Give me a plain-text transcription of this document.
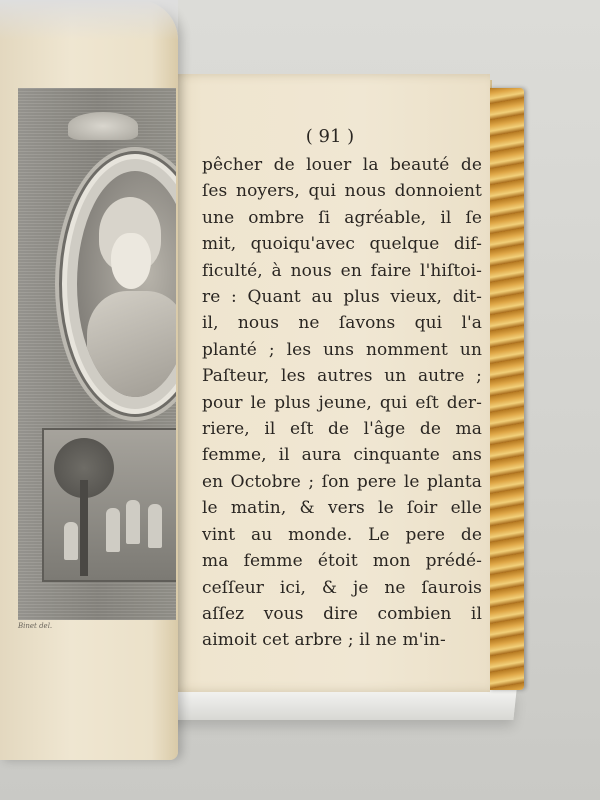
( 91 )
pêcher de louer la beauté de
ſes noyers, qui nous donnoient
une ombre ſi agréable, il ſe
mit, quoiqu'avec quelque dif-
ficulté, à nous en faire l'hiſtoi-
re : Quant au plus vieux, dit-
il, nous ne ſavons qui l'a
planté ; les uns nomment un
Paſteur, les autres un autre ;
pour le plus jeune, qui eſt der-
riere, il eſt de l'âge de ma
femme, il aura cinquante ans
en Octobre ; ſon pere le planta
le matin, & vers le ſoir elle
vint au monde. Le pere de
ma femme étoit mon prédé-
ceſſeur ici, & je ne ſaurois
aſſez vous dire combien il
aimoit cet arbre ; il ne m'in-
Binet del.
